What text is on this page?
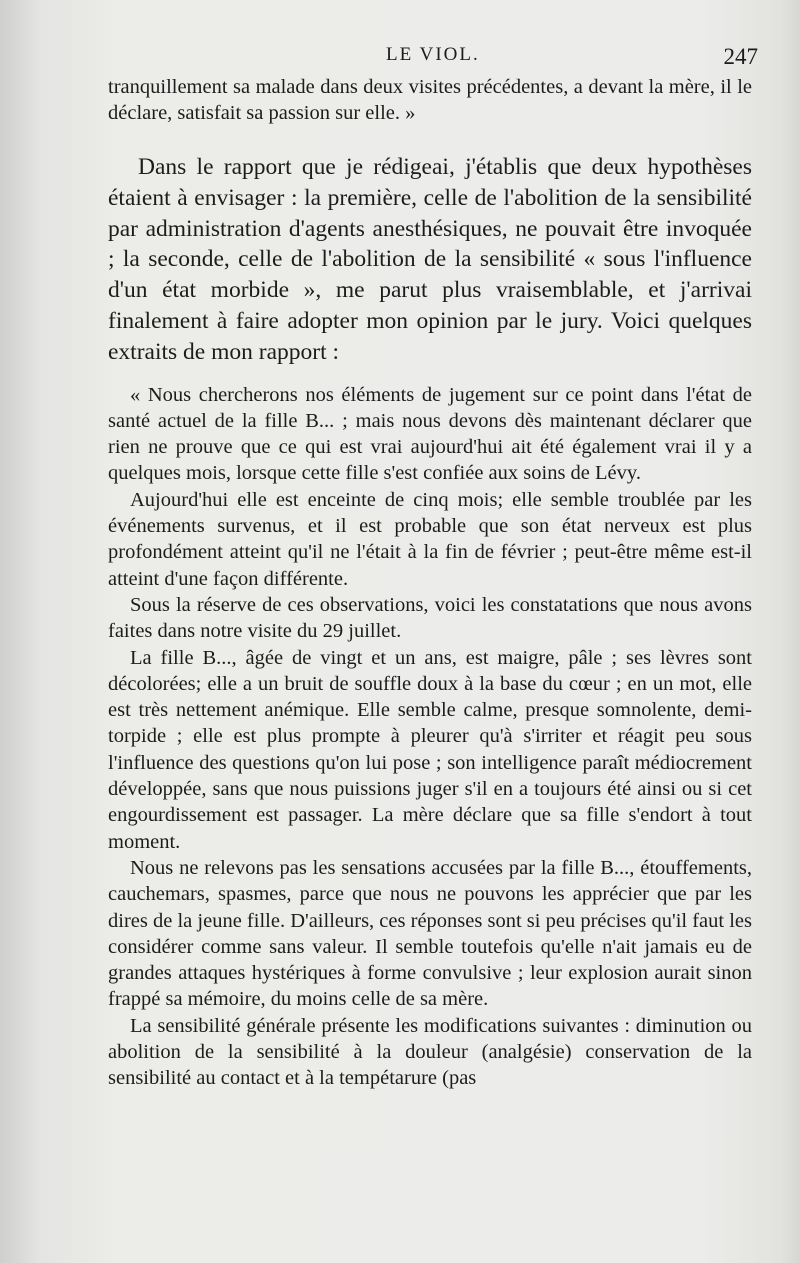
LE VIOL.	247

tranquillement sa malade dans deux visites précédentes, a devant la mère, il le déclare, satisfait sa passion sur elle. »

Dans le rapport que je rédigeai, j'établis que deux hypothèses étaient à envisager : la première, celle de l'abolition de la sensibilité par administration d'agents anesthésiques, ne pouvait être invoquée ; la seconde, celle de l'abolition de la sensibilité « sous l'influence d'un état morbide », me parut plus vraisemblable, et j'arrivai finalement à faire adopter mon opinion par le jury. Voici quelques extraits de mon rapport :

« Nous chercherons nos éléments de jugement sur ce point dans l'état de santé actuel de la fille B... ; mais nous devons dès maintenant déclarer que rien ne prouve que ce qui est vrai aujourd'hui ait été également vrai il y a quelques mois, lorsque cette fille s'est confiée aux soins de Lévy.

Aujourd'hui elle est enceinte de cinq mois; elle semble troublée par les événements survenus, et il est probable que son état nerveux est plus profondément atteint qu'il ne l'était à la fin de février ; peut-être même est-il atteint d'une façon différente.

Sous la réserve de ces observations, voici les constatations que nous avons faites dans notre visite du 29 juillet.

La fille B..., âgée de vingt et un ans, est maigre, pâle ; ses lèvres sont décolorées; elle a un bruit de souffle doux à la base du cœur ; en un mot, elle est très nettement anémique. Elle semble calme, presque somnolente, demi-torpide ; elle est plus prompte à pleurer qu'à s'irriter et réagit peu sous l'influence des questions qu'on lui pose ; son intelligence paraît médiocrement développée, sans que nous puissions juger s'il en a toujours été ainsi ou si cet engourdissement est passager. La mère déclare que sa fille s'endort à tout moment.

Nous ne relevons pas les sensations accusées par la fille B..., étouffements, cauchemars, spasmes, parce que nous ne pouvons les apprécier que par les dires de la jeune fille. D'ailleurs, ces réponses sont si peu précises qu'il faut les considérer comme sans valeur. Il semble toutefois qu'elle n'ait jamais eu de grandes attaques hystériques à forme convulsive ; leur explosion aurait sinon frappé sa mémoire, du moins celle de sa mère.

La sensibilité générale présente les modifications suivantes : diminution ou abolition de la sensibilité à la douleur (analgésie) conservation de la sensibilité au contact et à la tempétarure (pas
